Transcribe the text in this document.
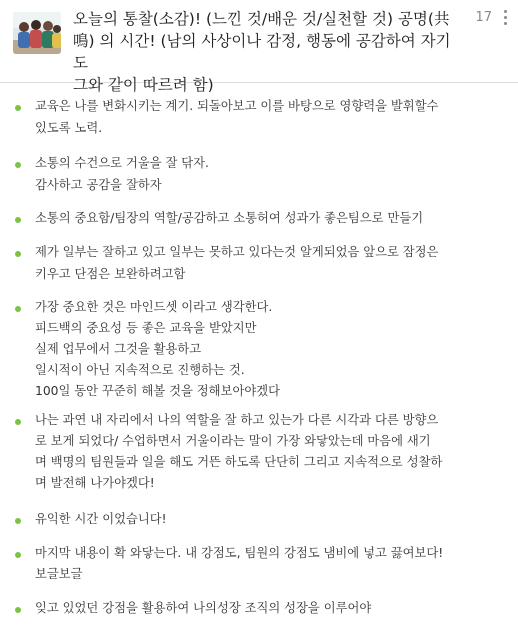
오늘의 통찰(소감)! (느낀 것/배운 것/실천할 것) 공명(共
鳴) 의 시간! (남의 사상이나 감정, 행동에 공감하여 자기도
그와 같이 따르려 함)
17
교육은 나를 변화시키는 계기. 되돌아보고 이를 바탕으로 영향력을 발휘할수
있도록 노력.
소통의 수건으로 거울을 잘 닦자.
감사하고 공감을 잘하자
소통의 중요함/팀장의 역할/공감하고 소통허여 성과가 좋은팀으로 만들기
제가 일부는 잘하고 있고 일부는 못하고 있다는것 알게되었음 앞으로 잠정은
키우고 단점은 보완하려고함
가장 중요한 것은 마인드셋 이라고 생각한다.
피드백의 중요성 등 좋은 교육을 받았지만
실제 업무에서 그것을 활용하고
일시적이 아닌 지속적으로 진행하는 것.
100일 동안 꾸준히 해볼 것을 정해보아야겠다
나는 과연 내 자리에서 나의 역할을 잘 하고 있는가 다른 시각과 다른 방향으
로 보게 되었다/ 수업하면서 거울이라는 말이 가장 와닿았는데 마음에 새기
며 백명의 팀원들과 일을 해도 거뜬 하도록 단단히 그리고 지속적으로 성찰하
며 발전해 나가야겠다!
유익한 시간 이었습니다!
마지막 내용이 확 와닿는다. 내 강점도, 팀원의 강점도 냄비에 넣고 끓여보다!
보글보글
잊고 있었던 강점을 활용하여 나의성장 조직의 성장을 이루어야
